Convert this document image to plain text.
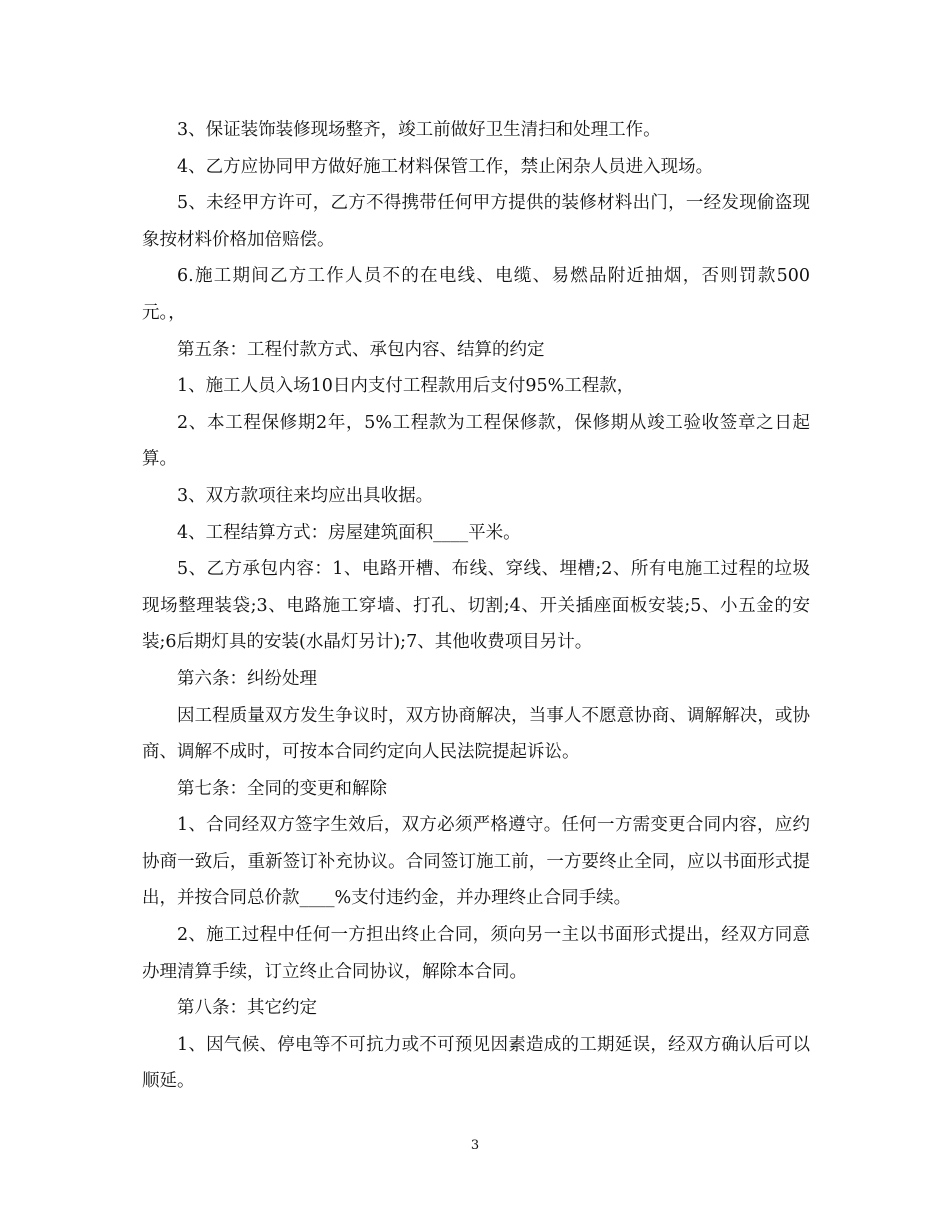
3、保证装饰装修现场整齐，竣工前做好卫生清扫和处理工作。

4、乙方应协同甲方做好施工材料保管工作，禁止闲杂人员进入现场。

5、未经甲方许可，乙方不得携带任何甲方提供的装修材料出门，一经发现偷盗现象按材料价格加倍赔偿。

6.施工期间乙方工作人员不的在电线、电缆、易燃品附近抽烟，否则罚款500元。，

第五条：工程付款方式、承包内容、结算的约定

1、施工人员入场10日内支付工程款用后支付95%工程款，

2、本工程保修期2年，5%工程款为工程保修款，保修期从竣工验收签章之日起算。

3、双方款项往来均应出具收据。

4、工程结算方式：房屋建筑面积____平米。

5、乙方承包内容：1、电路开槽、布线、穿线、埋槽;2、所有电施工过程的垃圾现场整理装袋;3、电路施工穿墙、打孔、切割;4、开关插座面板安装;5、小五金的安装;6后期灯具的安装(水晶灯另计);7、其他收费项目另计。

第六条：纠纷处理

因工程质量双方发生争议时，双方协商解决，当事人不愿意协商、调解解决，或协商、调解不成时，可按本合同约定向人民法院提起诉讼。

第七条：全同的变更和解除

1、合同经双方签字生效后，双方必须严格遵守。任何一方需变更合同内容，应约协商一致后，重新签订补充协议。合同签订施工前，一方要终止全同，应以书面形式提出，并按合同总价款____%支付违约金，并办理终止合同手续。

2、施工过程中任何一方担出终止合同，须向另一主以书面形式提出，经双方同意办理清算手续，订立终止合同协议，解除本合同。

第八条：其它约定

1、因气候、停电等不可抗力或不可预见因素造成的工期延误，经双方确认后可以顺延。

3
